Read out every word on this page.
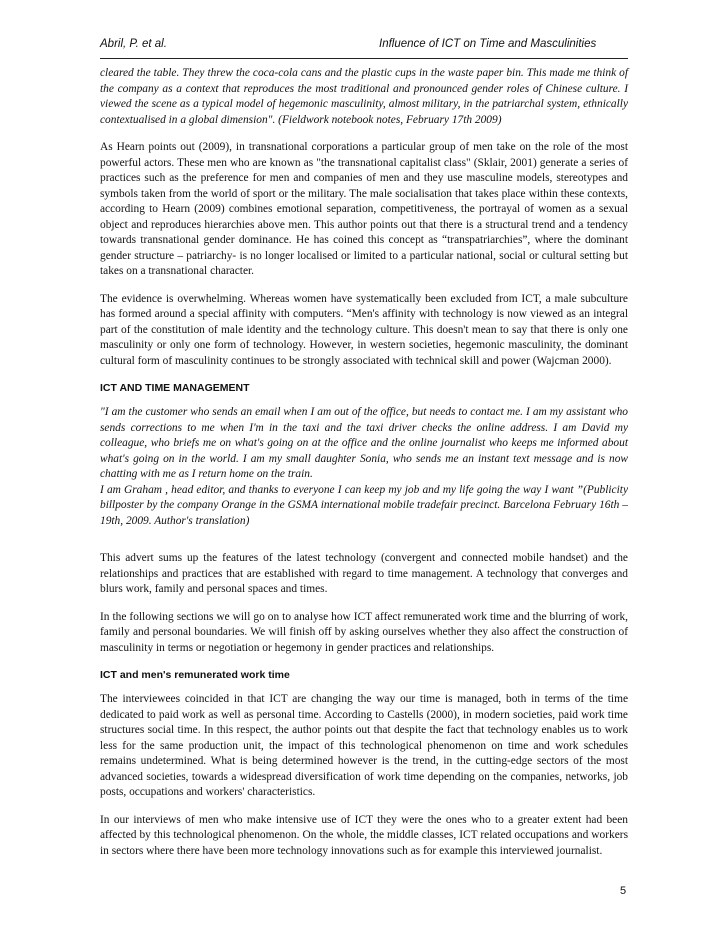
Abril, P. et al.	Influence of ICT on Time and Masculinities

cleared the table. They threw the coca-cola cans and the plastic cups in the waste paper bin. This made me think of the company as a context that reproduces the most traditional and pronounced gender roles of Chinese culture. I viewed the scene as a typical model of hegemonic masculinity, almost military, in the patriarchal system, ethnically contextualised in a global dimension". (Fieldwork notebook notes, February 17th 2009)

As Hearn points out (2009), in transnational corporations a particular group of men take on the role of the most powerful actors. These men who are known as "the transnational capitalist class" (Sklair, 2001) generate a series of practices such as the preference for men and companies of men and they use masculine models, stereotypes and symbols taken from the world of sport or the military. The male socialisation that takes place within these contexts, according to Hearn (2009) combines emotional separation, competitiveness, the portrayal of women as a sexual object and reproduces hierarchies above men. This author points out that there is a structural trend and a tendency towards transnational gender dominance. He has coined this concept as “transpatriarchies”, where the dominant gender structure – patriarchy- is no longer localised or limited to a particular national, social or cultural setting but takes on a transnational character.

The evidence is overwhelming. Whereas women have systematically been excluded from ICT, a male subculture has formed around a special affinity with computers. “Men's affinity with technology is now viewed as an integral part of the constitution of male identity and the technology culture. This doesn't mean to say that there is only one masculinity or only one form of technology. However, in western societies, hegemonic masculinity, the dominant cultural form of masculinity continues to be strongly associated with technical skill and power (Wajcman 2000).

ICT AND TIME MANAGEMENT

"I am the customer who sends an email when I am out of the office, but needs to contact me. I am my assistant who sends corrections to me when I'm in the taxi and the taxi driver checks the online address. I am David my colleague, who briefs me on what's going on at the office and the online journalist who keeps me informed about what's going on in the world. I am my small daughter Sonia, who sends me an instant text message and is now chatting with me as I return home on the train.
I am Graham , head editor, and thanks to everyone I can keep my job and my life going the way I want ”(Publicity billposter by the company Orange in the GSMA international mobile tradefair precinct. Barcelona February 16th – 19th, 2009. Author's translation)

This advert sums up the features of the latest technology (convergent and connected mobile handset) and the relationships and practices that are established with regard to time management. A technology that converges and blurs work, family and personal spaces and times.

In the following sections we will go on to analyse how ICT affect remunerated work time and the blurring of work, family and personal boundaries. We will finish off by asking ourselves whether they also affect the construction of masculinity in terms or negotiation or hegemony in gender practices and relationships.

ICT and men's remunerated work time

The interviewees coincided in that ICT are changing the way our time is managed, both in terms of the time dedicated to paid work as well as personal time. According to Castells (2000), in modern societies, paid work time structures social time. In this respect, the author points out that despite the fact that technology enables us to work less for the same production unit, the impact of this technological phenomenon on time and work schedules remains undetermined. What is being determined however is the trend, in the cutting-edge sectors of the most advanced societies, towards a widespread diversification of work time depending on the companies, networks, job posts, occupations and workers' characteristics.

In our interviews of men who make intensive use of ICT they were the ones who to a greater extent had been affected by this technological phenomenon. On the whole, the middle classes, ICT related occupations and workers in sectors where there have been more technology innovations such as for example this interviewed journalist.

5
